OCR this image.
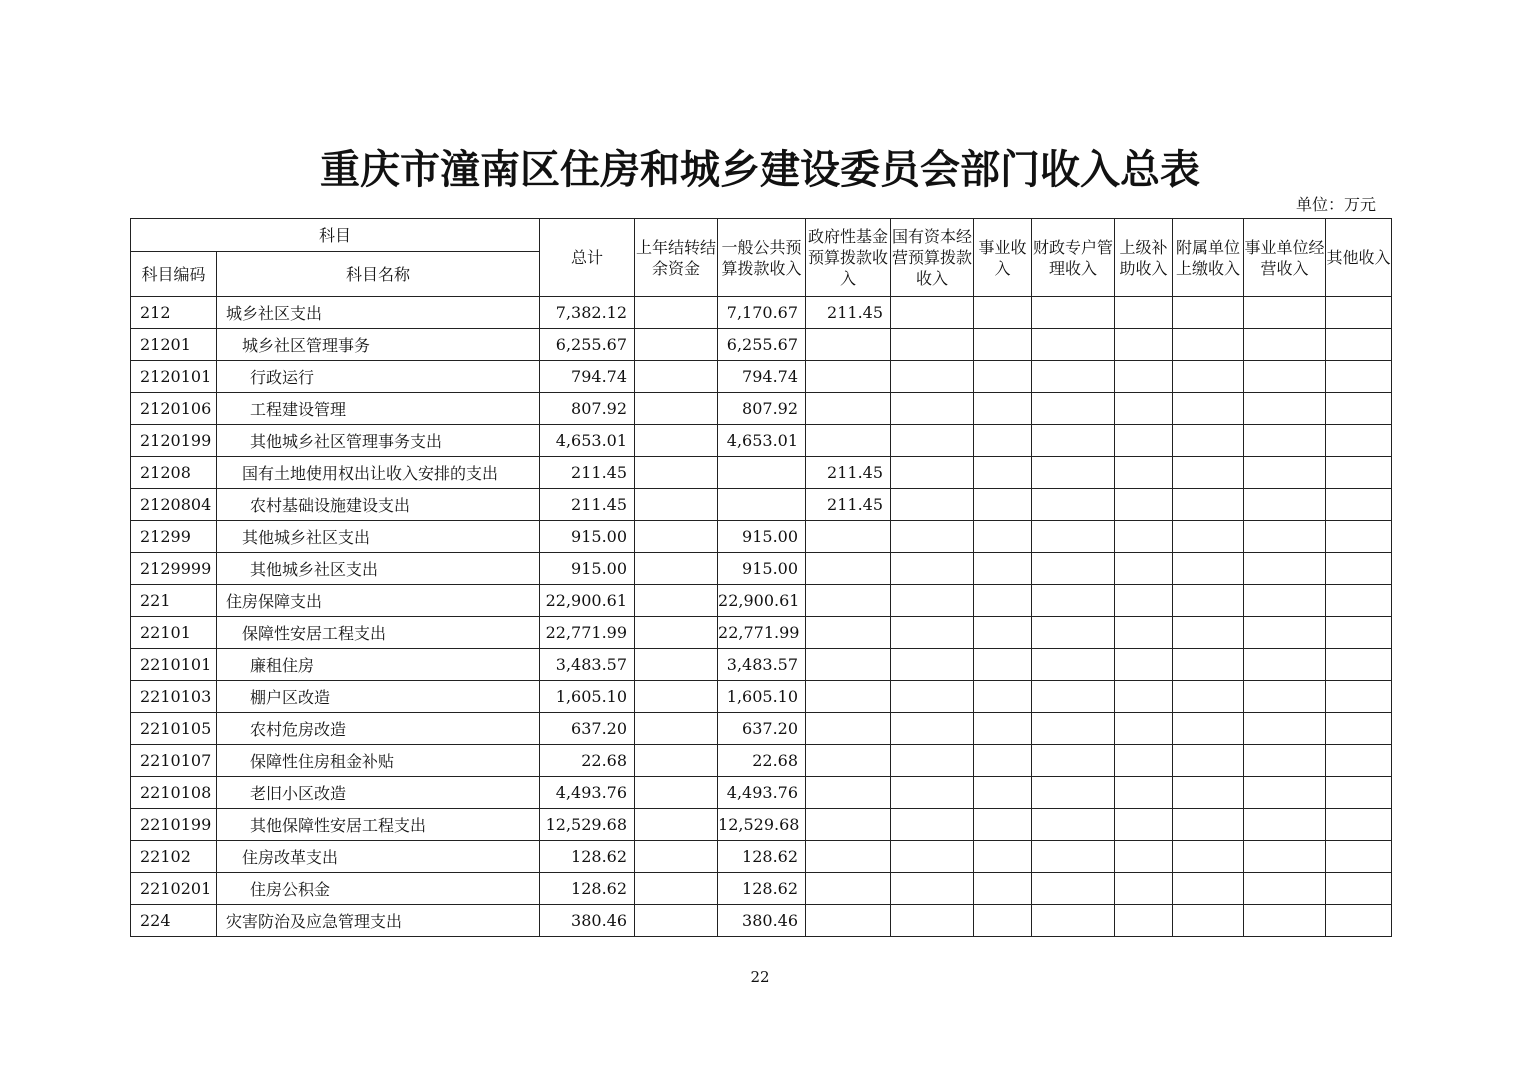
重庆市潼南区住房和城乡建设委员会部门收入总表
单位：万元
科目		总计	上年结转结余资金	一般公共预算拨款收入	政府性基金预算拨款收入	国有资本经营预算拨款收入	事业收入	财政专户管理收入	上级补助收入	附属单位上缴收入	事业单位经营收入	其他收入
科目编码	科目名称											
212	城乡社区支出	7,382.12		7,170.67	211.45							
21201	城乡社区管理事务	6,255.67		6,255.67								
2120101	行政运行	794.74		794.74								
2120106	工程建设管理	807.92		807.92								
2120199	其他城乡社区管理事务支出	4,653.01		4,653.01								
21208	国有土地使用权出让收入安排的支出	211.45			211.45							
2120804	农村基础设施建设支出	211.45			211.45							
21299	其他城乡社区支出	915.00		915.00								
2129999	其他城乡社区支出	915.00		915.00								
221	住房保障支出	22,900.61		22,900.61								
22101	保障性安居工程支出	22,771.99		22,771.99								
2210101	廉租住房	3,483.57		3,483.57								
2210103	棚户区改造	1,605.10		1,605.10								
2210105	农村危房改造	637.20		637.20								
2210107	保障性住房租金补贴	22.68		22.68								
2210108	老旧小区改造	4,493.76		4,493.76								
2210199	其他保障性安居工程支出	12,529.68		12,529.68								
22102	住房改革支出	128.62		128.62								
2210201	住房公积金	128.62		128.62								
224	灾害防治及应急管理支出	380.46		380.46								
22
